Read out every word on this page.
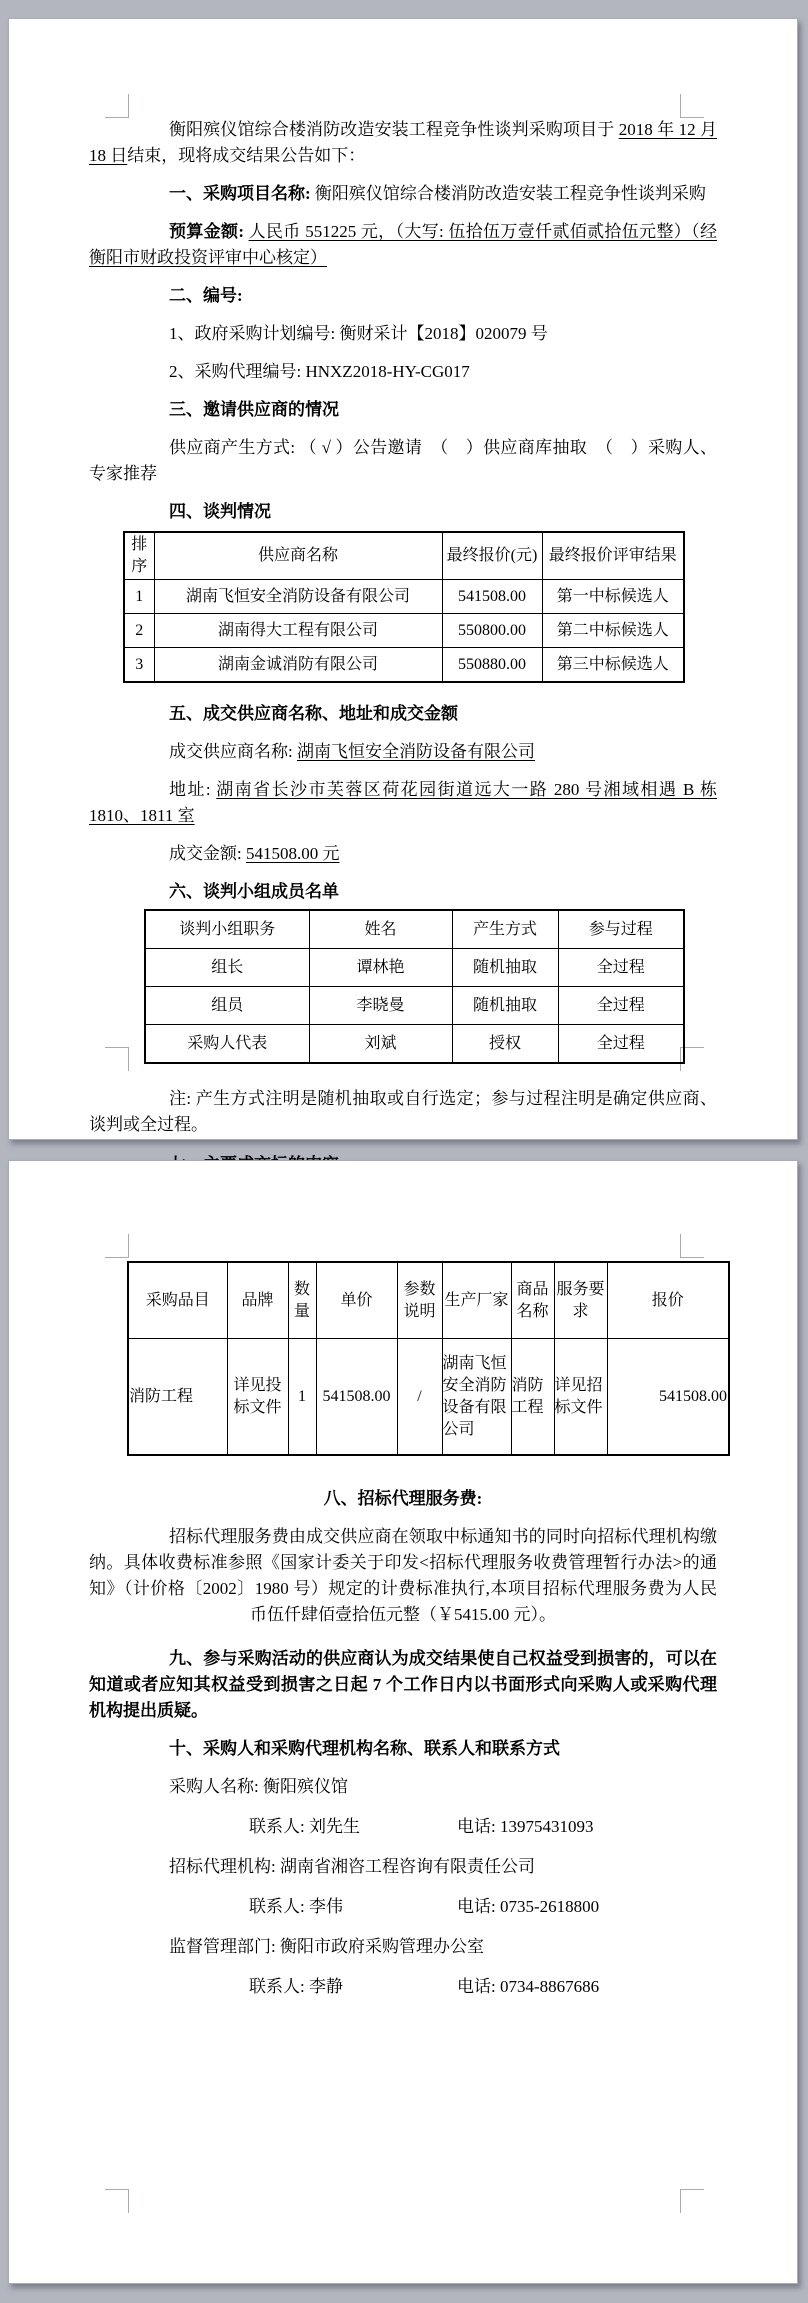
衡阳殡仪馆综合楼消防改造安装工程竞争性谈判采购项目于 2018 年 12 月 18 日结束，现将成交结果公告如下：

一、采购项目名称: 衡阳殡仪馆综合楼消防改造安装工程竞争性谈判采购

预算金额: 人民币 551225 元，（大写: 伍拾伍万壹仟贰佰贰拾伍元整）（经衡阳市财政投资评审中心核定）

二、编号:

1、政府采购计划编号: 衡财采计【2018】020079 号

2、采购代理编号: HNXZ2018-HY-CG017

三、邀请供应商的情况

供应商产生方式: （ √ ）公告邀请　（　）供应商库抽取　（　）采购人、专家推荐

四、谈判情况

排序	供应商名称	最终报价(元)	最终报价评审结果
1	湖南飞恒安全消防设备有限公司	541508.00	第一中标候选人
2	湖南得大工程有限公司	550800.00	第二中标候选人
3	湖南金诚消防有限公司	550880.00	第三中标候选人

五、成交供应商名称、地址和成交金额

成交供应商名称: 湖南飞恒安全消防设备有限公司

地址: 湖南省长沙市芙蓉区荷花园街道远大一路 280 号湘域相遇 B 栋 1810、1811 室

成交金额: 541508.00 元

六、谈判小组成员名单

谈判小组职务	姓名	产生方式	参与过程
组长	谭林艳	随机抽取	全过程
组员	李晓曼	随机抽取	全过程
采购人代表	刘斌	授权	全过程

注: 产生方式注明是随机抽取或自行选定；参与过程注明是确定供应商、谈判或全过程。

采购品目	品牌	数量	单价	参数说明	生产厂家	商品名称	服务要求	报价
消防工程	详见投标文件	1	541508.00	/	湖南飞恒安全消防设备有限公司	消防工程	详见招标文件	541508.00

八、招标代理服务费:

招标代理服务费由成交供应商在领取中标通知书的同时向招标代理机构缴纳。具体收费标准参照《国家计委关于印发<招标代理服务收费管理暂行办法>的通知》（计价格〔2002〕1980 号）规定的计费标准执行,本项目招标代理服务费为人民币伍仟肆佰壹拾伍元整（￥5415.00 元）。

九、参与采购活动的供应商认为成交结果使自己权益受到损害的，可以在知道或者应知其权益受到损害之日起 7 个工作日内以书面形式向采购人或采购代理机构提出质疑。

十、采购人和采购代理机构名称、联系人和联系方式

采购人名称: 衡阳殡仪馆

联系人: 刘先生	电话: 13975431093

招标代理机构: 湖南省湘咨工程咨询有限责任公司

联系人: 李伟	电话: 0735-2618800

监督管理部门: 衡阳市政府采购管理办公室

联系人: 李静	电话: 0734-8867686
